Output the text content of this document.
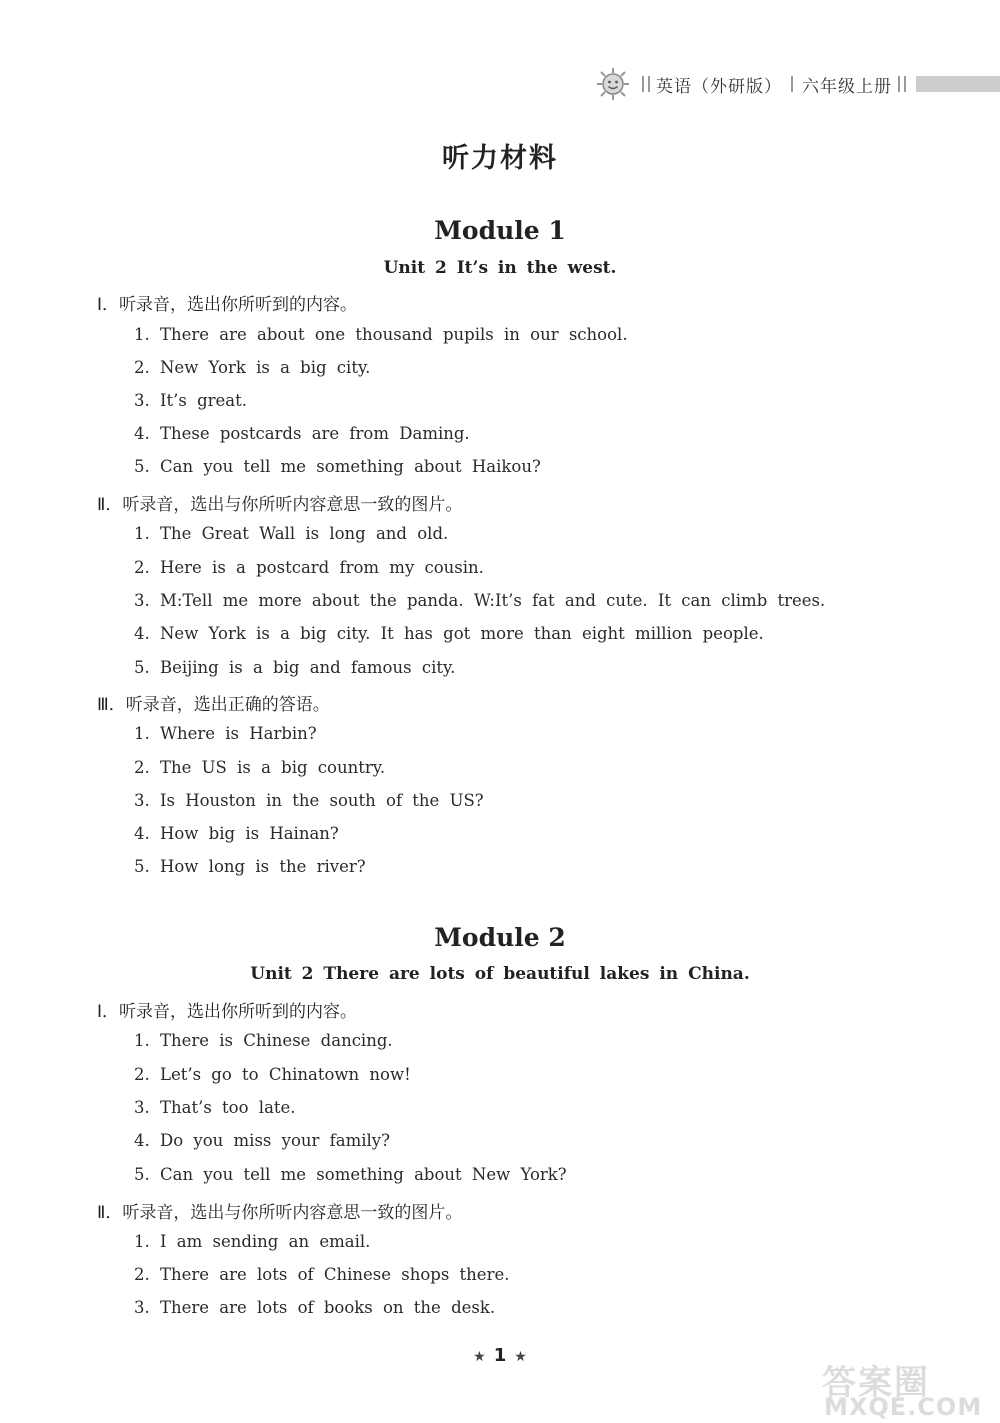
英语（外研版） 六年级上册
听力材料
Module 1
Unit 2 It’s in the west.
Ⅰ．听录音，选出你所听到的内容。
1. There are about one thousand pupils in our school.
2. New York is a big city.
3. It’s great.
4. These postcards are from Daming.
5. Can you tell me something about Haikou?
Ⅱ．听录音，选出与你所听内容意思一致的图片。
1. The Great Wall is long and old.
2. Here is a postcard from my cousin.
3. M:Tell me more about the panda. W:It’s fat and cute. It can climb trees.
4. New York is a big city. It has got more than eight million people.
5. Beijing is a big and famous city.
Ⅲ．听录音，选出正确的答语。
1. Where is Harbin?
2. The US is a big country.
3. Is Houston in the south of the US?
4. How big is Hainan?
5. How long is the river?
Module 2
Unit 2 There are lots of beautiful lakes in China.
Ⅰ．听录音，选出你所听到的内容。
1. There is Chinese dancing.
2. Let’s go to Chinatown now!
3. That’s too late.
4. Do you miss your family?
5. Can you tell me something about New York?
Ⅱ．听录音，选出与你所听内容意思一致的图片。
1. I am sending an email.
2. There are lots of Chinese shops there.
3. There are lots of books on the desk.
★ 1 ★
答案圈
MXQE.COM
